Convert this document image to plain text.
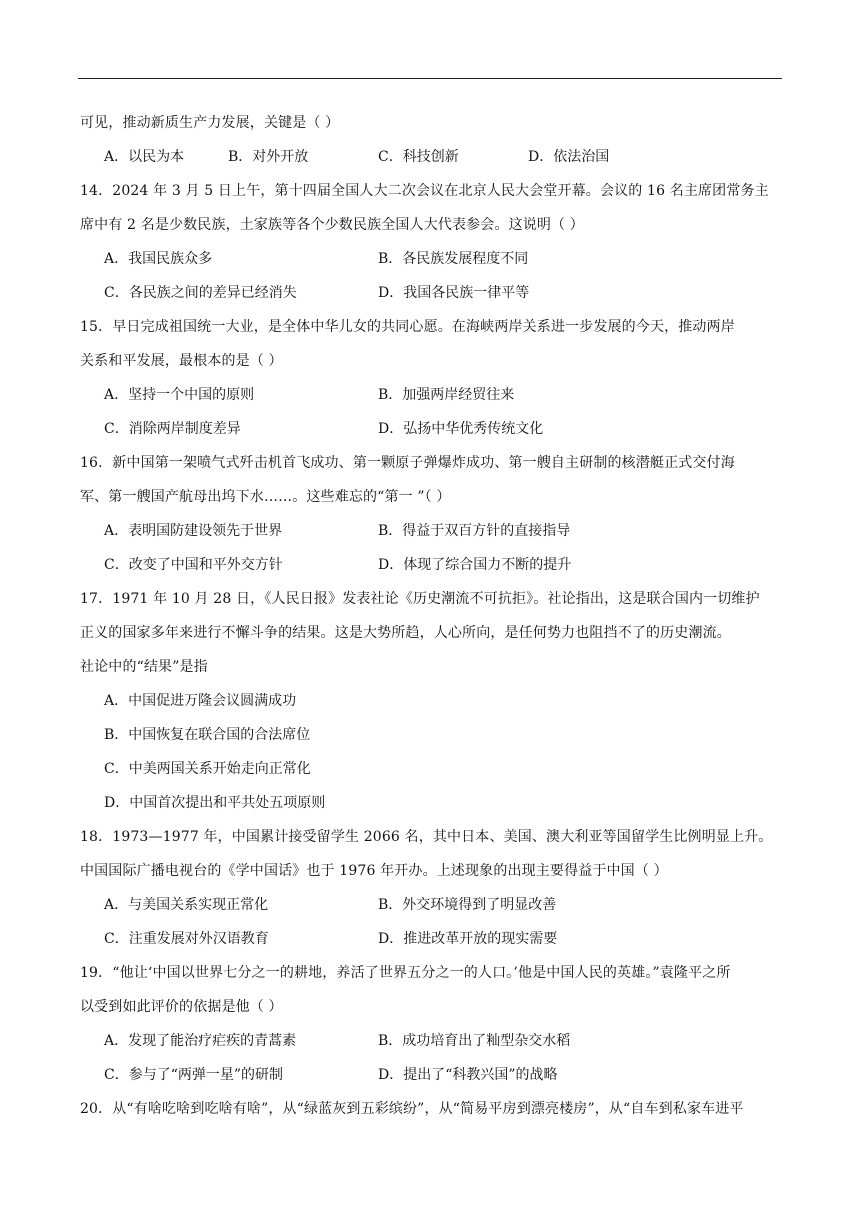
可见，推动新质生产力发展，关键是（ ）
A．以民为本	B．对外开放	C．科技创新	D．依法治国
14．2024 年 3 月 5 日上午，第十四届全国人大二次会议在北京人民大会堂开幕。会议的 16 名主席团常务主
席中有 2 名是少数民族，土家族等各个少数民族全国人大代表参会。这说明（ ）
A．我国民族众多	B．各民族发展程度不同
C．各民族之间的差异已经消失	D．我国各民族一律平等
15．早日完成祖国统一大业，是全体中华儿女的共同心愿。在海峡两岸关系进一步发展的今天，推动两岸
关系和平发展，最根本的是（ ）
A．坚持一个中国的原则	B．加强两岸经贸往来
C．消除两岸制度差异	D．弘扬中华优秀传统文化
16．新中国第一架喷气式歼击机首飞成功、第一颗原子弹爆炸成功、第一艘自主研制的核潜艇正式交付海
军、第一艘国产航母出坞下水……。这些难忘的“第一 ”（ ）
A．表明国防建设领先于世界	B．得益于双百方针的直接指导
C．改变了中国和平外交方针	D．体现了综合国力不断的提升
17．1971 年 10 月 28 日，《人民日报》发表社论《历史潮流不可抗拒》。社论指出，这是联合国内一切维护
正义的国家多年来进行不懈斗争的结果。这是大势所趋，人心所向，是任何势力也阻挡不了的历史潮流。
社论中的“结果”是指
A．中国促进万隆会议圆满成功
B．中国恢复在联合国的合法席位
C．中美两国关系开始走向正常化
D．中国首次提出和平共处五项原则
18．1973—1977 年，中国累计接受留学生 2066 名，其中日本、美国、澳大利亚等国留学生比例明显上升。
中国国际广播电视台的《学中国话》也于 1976 年开办。上述现象的出现主要得益于中国（ ）
A．与美国关系实现正常化	B．外交环境得到了明显改善
C．注重发展对外汉语教育	D．推进改革开放的现实需要
19．“他让‘中国以世界七分之一的耕地，养活了世界五分之一的人口。’他是中国人民的英雄。”袁隆平之所
以受到如此评价的依据是他（ ）
A．发现了能治疗疟疾的青蒿素	B．成功培育出了籼型杂交水稻
C．参与了“两弹一星”的研制	D．提出了“科教兴国”的战略
20．从“有啥吃啥到吃啥有啥”，从“绿蓝灰到五彩缤纷”，从“简易平房到漂亮楼房”，从“自车到私家车进平
